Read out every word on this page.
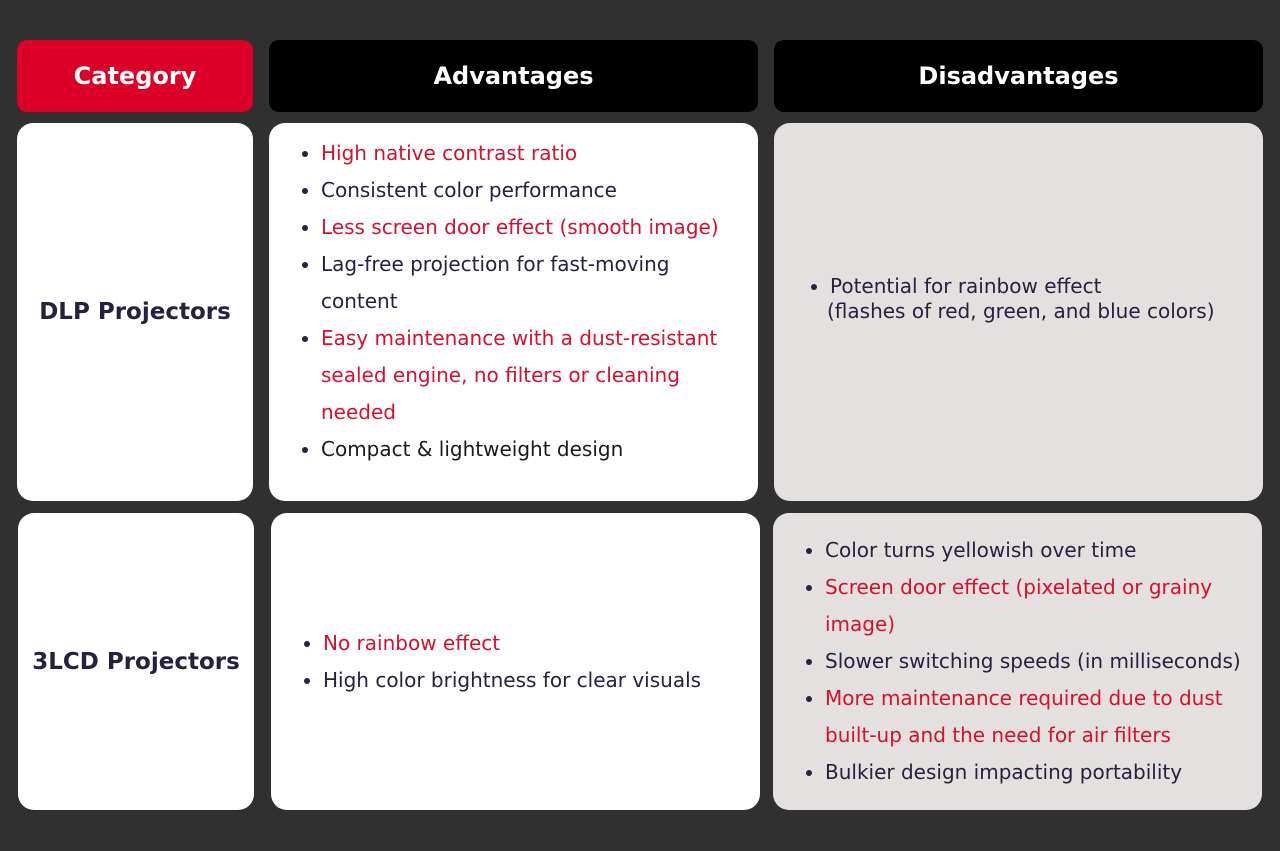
Category	Advantages	Disadvantages
DLP Projectors
• High native contrast ratio
• Consistent color performance
• Less screen door effect (smooth image)
• Lag-free projection for fast-moving content
• Easy maintenance with a dust-resistant sealed engine, no filters or cleaning needed
• Compact & lightweight design
• Potential for rainbow effect
(flashes of red, green, and blue colors)
3LCD Projectors
• No rainbow effect
• High color brightness for clear visuals
• Color turns yellowish over time
• Screen door effect (pixelated or grainy image)
• Slower switching speeds (in milliseconds)
• More maintenance required due to dust built-up and the need for air filters
• Bulkier design impacting portability
